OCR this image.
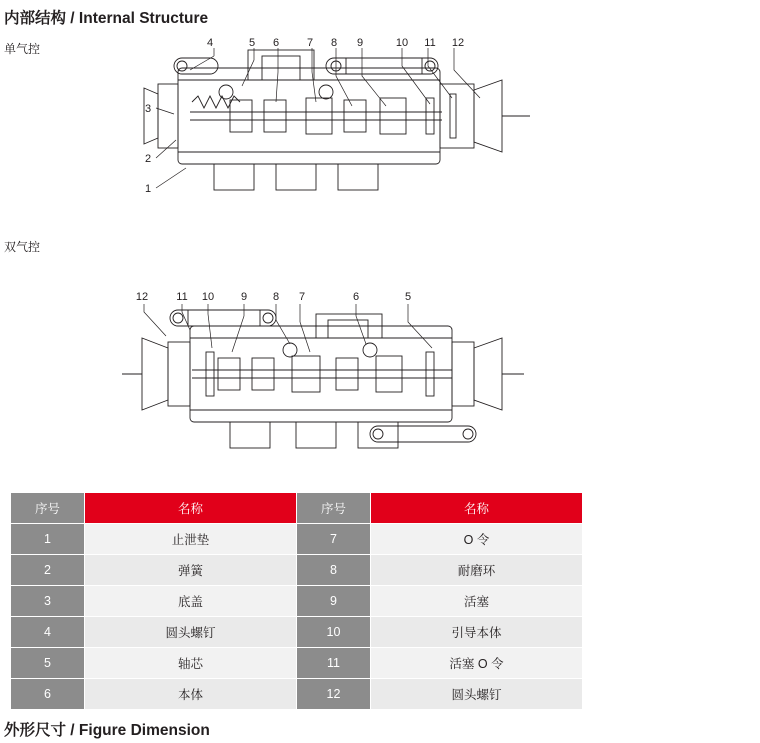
内部结构 / Internal Structure
单气控	4	5 6	7 8 9	10 11 12
3
2
1
双气控
12	11 10 9 8 7	6	5
序号	名称	序号	名称
1	止泄垫	7	O 令
2	弹簧	8	耐磨环
3	底盖	9	活塞
4	圆头螺钉	10	引导本体
5	轴芯	11	活塞 O 令
6	本体	12	圆头螺钉
外形尺寸 / Figure Dimension
